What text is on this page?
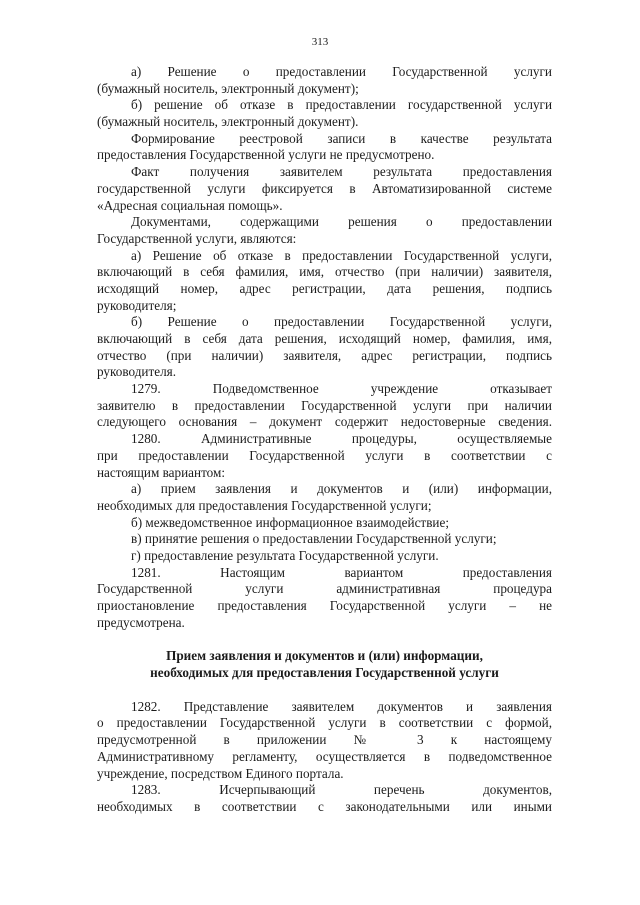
313
а) Решение о предоставлении Государственной услуги
(бумажный носитель, электронный документ);
б) решение об отказе в предоставлении государственной услуги
(бумажный носитель, электронный документ).
Формирование реестровой записи в качестве результата
предоставления Государственной услуги не предусмотрено.
Факт получения заявителем результата предоставления
государственной услуги фиксируется в Автоматизированной системе
«Адресная социальная помощь».
Документами, содержащими решения о предоставлении
Государственной услуги, являются:
а) Решение об отказе в предоставлении Государственной услуги,
включающий в себя фамилия, имя, отчество (при наличии) заявителя,
исходящий номер, адрес регистрации, дата решения, подпись
руководителя;
б) Решение о предоставлении Государственной услуги,
включающий в себя дата решения, исходящий номер, фамилия, имя,
отчество (при наличии) заявителя, адрес регистрации, подпись
руководителя.
1279. Подведомственное учреждение отказывает
заявителю в предоставлении Государственной услуги при наличии
следующего основания – документ содержит недостоверные сведения.
1280. Административные процедуры, осуществляемые
при предоставлении Государственной услуги в соответствии с
настоящим вариантом:
а) прием заявления и документов и (или) информации,
необходимых для предоставления Государственной услуги;
б) межведомственное информационное взаимодействие;
в) принятие решения о предоставлении Государственной услуги;
г) предоставление результата Государственной услуги.
1281. Настоящим вариантом предоставления
Государственной услуги административная процедура
приостановление предоставления Государственной услуги – не
предусмотрена.
Прием заявления и документов и (или) информации,
необходимых для предоставления Государственной услуги
1282. Представление заявителем документов и заявления
о предоставлении Государственной услуги в соответствии с формой,
предусмотренной в приложении № 3 к настоящему
Административному регламенту, осуществляется в подведомственное
учреждение, посредством Единого портала.
1283. Исчерпывающий перечень документов,
необходимых в соответствии с законодательными или иными
